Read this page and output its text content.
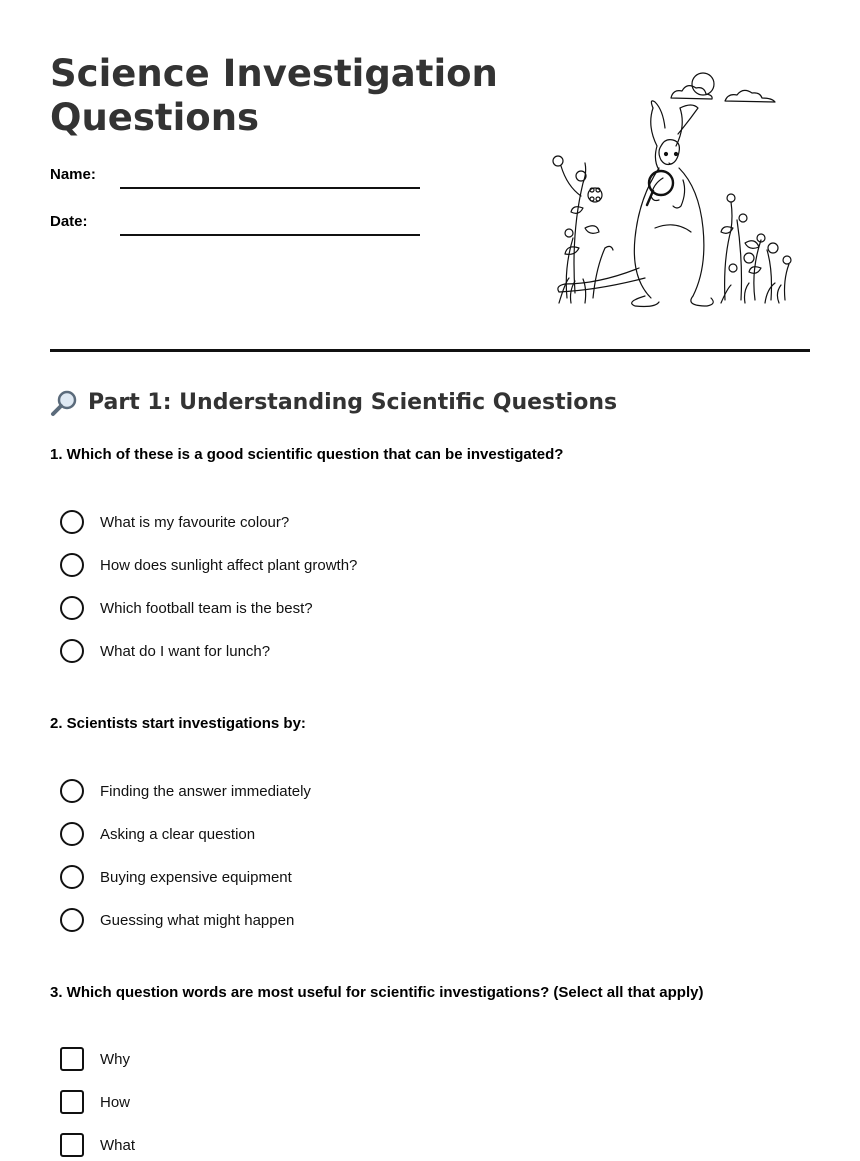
Science Investigation
Questions
Name:
Date:
Part 1: Understanding Scientific Questions
1. Which of these is a good scientific question that can be investigated?
What is my favourite colour?
How does sunlight affect plant growth?
Which football team is the best?
What do I want for lunch?
2. Scientists start investigations by:
Finding the answer immediately
Asking a clear question
Buying expensive equipment
Guessing what might happen
3. Which question words are most useful for scientific investigations? (Select all that apply)
Why
How
What
